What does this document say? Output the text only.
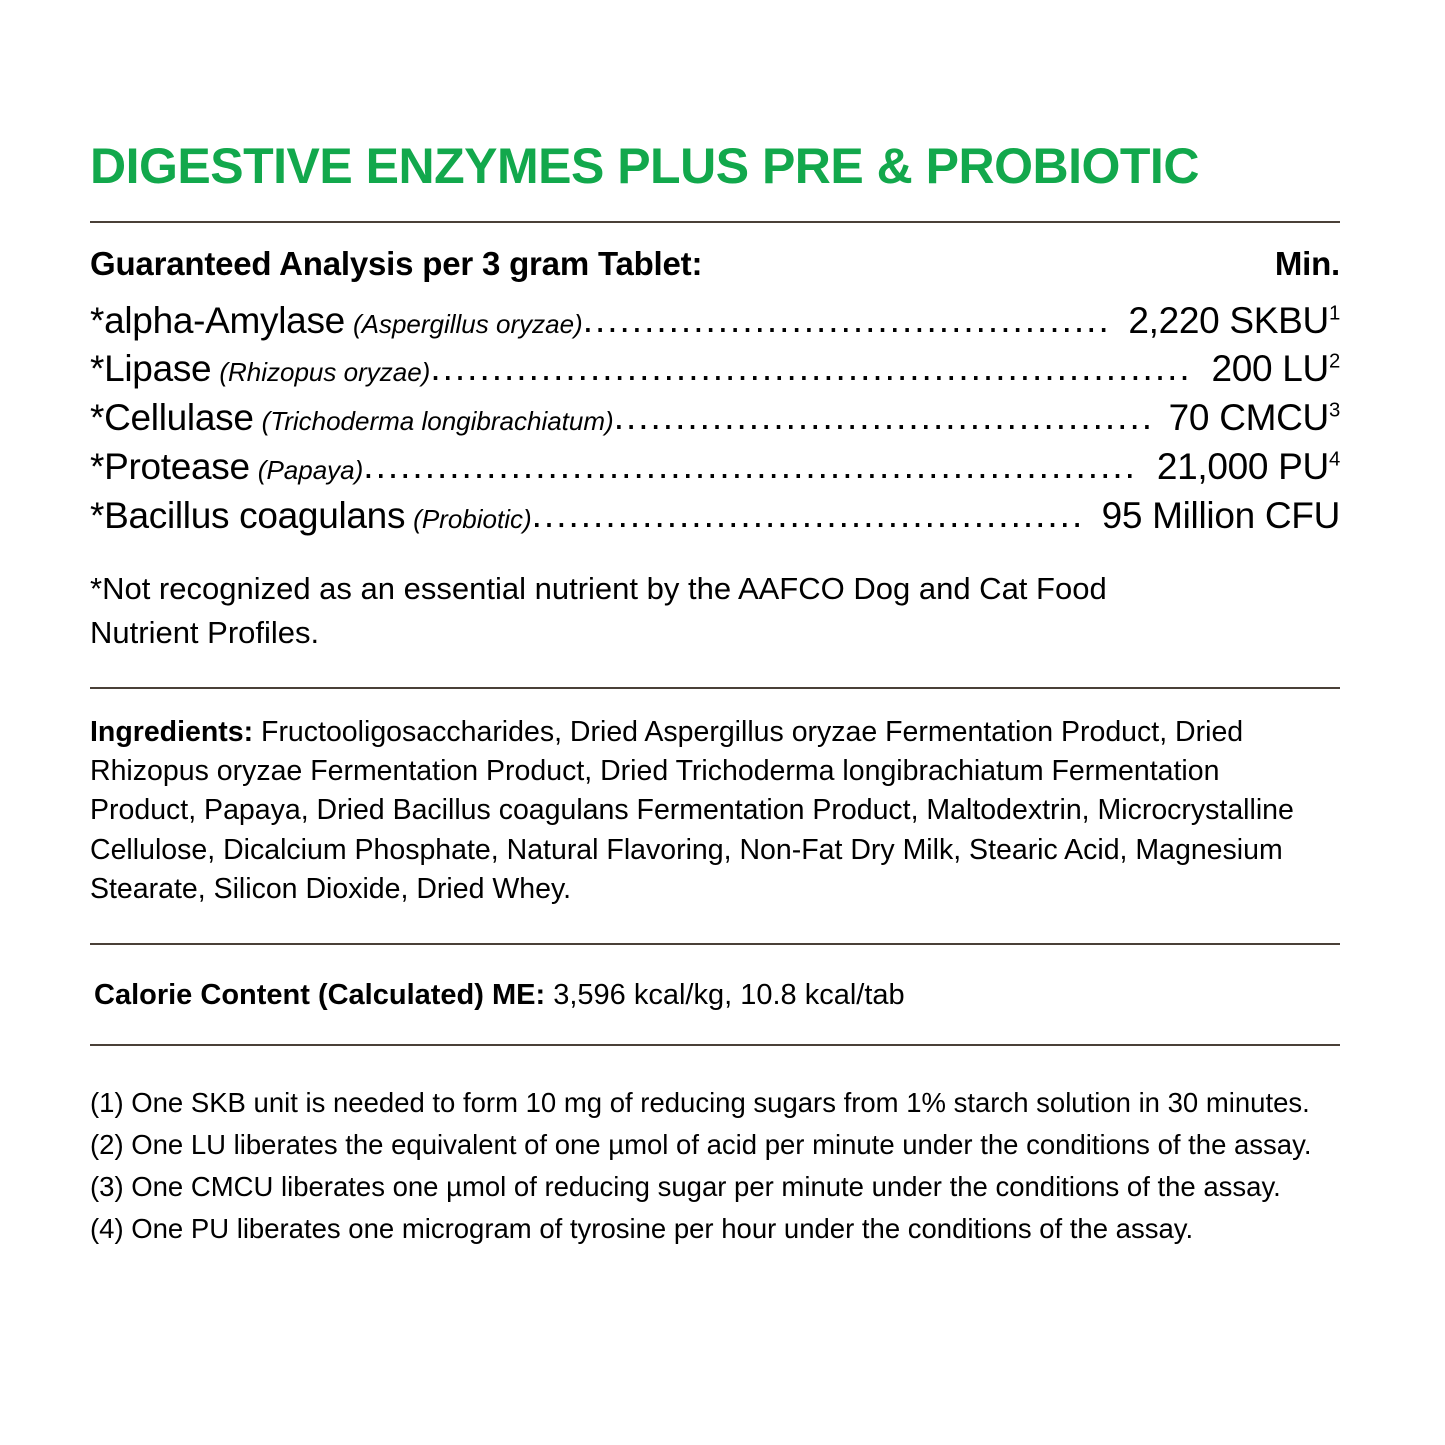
DIGESTIVE ENZYMES PLUS PRE & PROBIOTIC
Guaranteed Analysis per 3 gram Tablet:	Min.
*alpha-Amylase (Aspergillus oryzae) ........................................... 2,220 SKBU$^1$
*Lipase (Rhizopus oryzae) .............................................................. 200 $LU^2$
*Cellulase (Trichoderma longibrachiatum) ............................................ 70 CMCU$^3$
*Protease (Papaya) ............................................................... 21,000 $PU^4$
*Bacillus coagulans (Probiotic) ............................................. 95 Million CFU
*Not recognized as an essential nutrient by the AAFCO Dog and Cat Food Nutrient Profiles.
Ingredients: Fructooligosaccharides, Dried Aspergillus oryzae Fermentation Product, Dried Rhizopus oryzae Fermentation Product, Dried Trichoderma longibrachiatum Fermentation Product, Papaya, Dried Bacillus coagulans Fermentation Product, Maltodextrin, Microcrystalline Cellulose, Dicalcium Phosphate, Natural Flavoring, Non-Fat Dry Milk, Stearic Acid, Magnesium Stearate, Silicon Dioxide, Dried Whey.
Calorie Content (Calculated) ME: 3,596 kcal/kg, 10.8 kcal/tab
(1) One SKB unit is needed to form 10 mg of reducing sugars from 1% starch solution in 30 minutes.
(2) One LU liberates the equivalent of one µmol of acid per minute under the conditions of the assay.
(3) One CMCU liberates one µmol of reducing sugar per minute under the conditions of the assay.
(4) One PU liberates one microgram of tyrosine per hour under the conditions of the assay.
